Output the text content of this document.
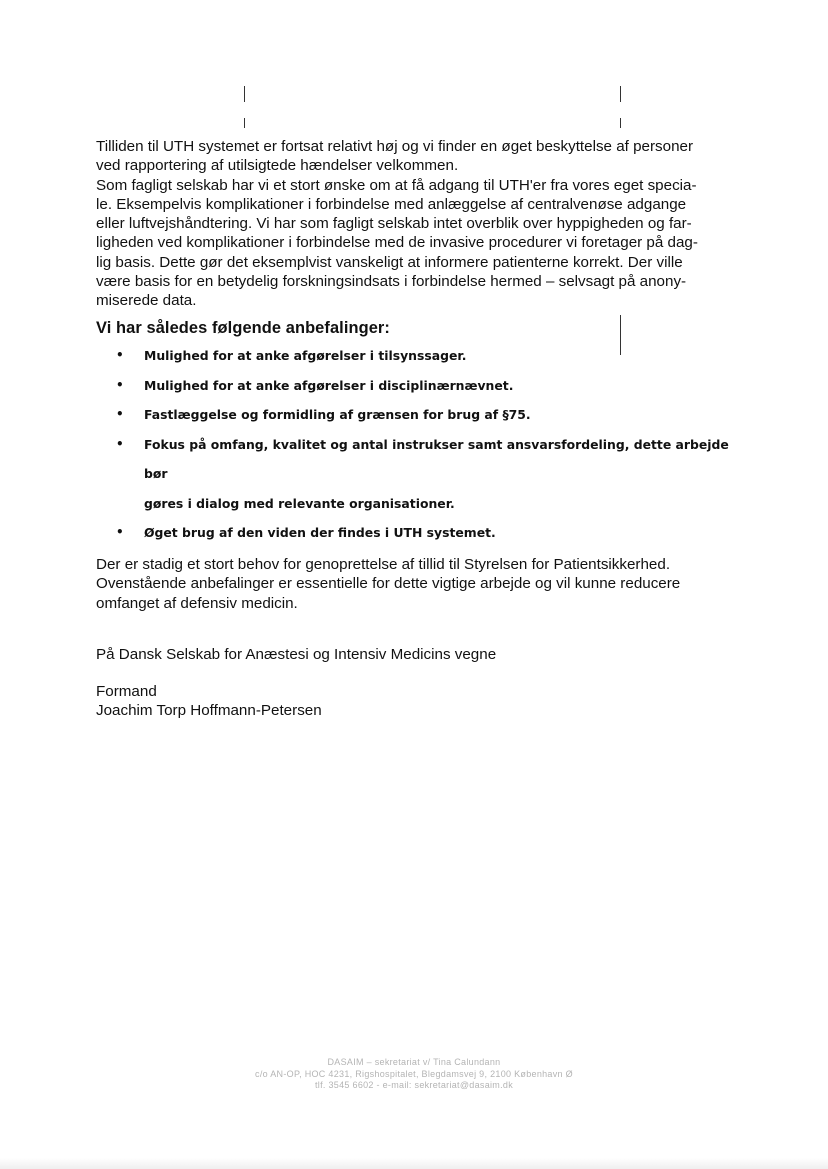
Tilliden til UTH systemet er fortsat relativt høj og vi finder en øget beskyttelse af personer

ved rapportering af utilsigtede hændelser velkommen.

Som fagligt selskab har vi et stort ønske om at få adgang til UTH'er fra vores eget specia-

le. Eksempelvis komplikationer i forbindelse med anlæggelse af centralvenøse adgange

eller luftvejshåndtering. Vi har som fagligt selskab intet overblik over hyppigheden og far-

ligheden ved komplikationer i forbindelse med de invasive procedurer vi foretager på dag-

lig basis. Dette gør det eksemplvist vanskeligt at informere patienterne korrekt. Der ville

være basis for en betydelig forskningsindsats i forbindelse hermed – selvsagt på anony-

miserede data.

Vi har således følgende anbefalinger:
• Mulighed for at anke afgørelser i tilsynssager.
• Mulighed for at anke afgørelser i disciplinærnævnet.
• Fastlæggelse og formidling af grænsen for brug af §75.
• Fokus på omfang, kvalitet og antal instrukser samt ansvarsfordeling, dette arbejde bør
gøres i dialog med relevante organisationer.
• Øget brug af den viden der findes i UTH systemet.
Der er stadig et stort behov for genoprettelse af tillid til Styrelsen for Patientsikkerhed.
Ovenstående anbefalinger er essentielle for dette vigtige arbejde og vil kunne reducere
omfanget af defensiv medicin.
På Dansk Selskab for Anæstesi og Intensiv Medicins vegne
Formand
Joachim Torp Hoffmann-Petersen
DASAIM – sekretariat v/ Tina Calundann
c/o AN-OP, HOC 4231, Rigshospitalet, Blegdamsvej 9, 2100 København Ø
tlf. 3545 6602 - e-mail: sekretariat@dasaim.dk
